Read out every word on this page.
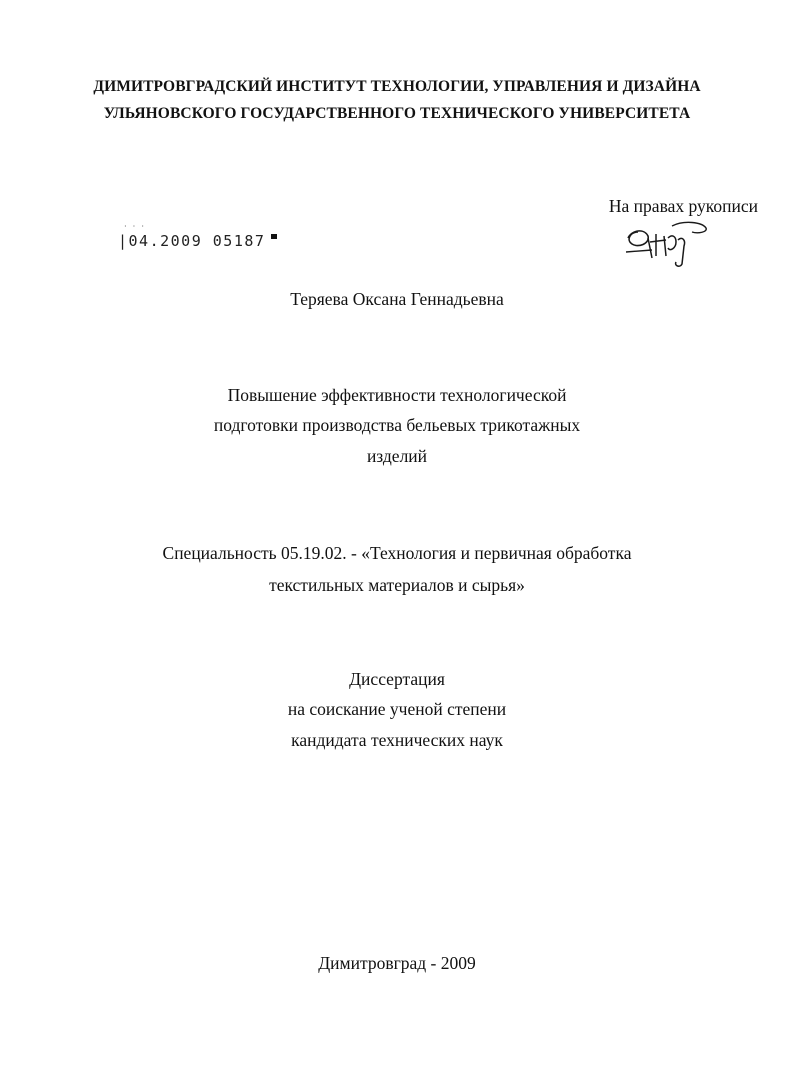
ДИМИТРОВГРАДСКИЙ ИНСТИТУТ ТЕХНОЛОГИИ, УПРАВЛЕНИЯ И ДИЗАЙНА
УЛЬЯНОВСКОГО ГОСУДАРСТВЕННОГО ТЕХНИЧЕСКОГО УНИВЕРСИТЕТА
На правах рукописи
· · ·
|04.2009 05187
Теряева Оксана Геннадьевна
Повышение эффективности технологической
подготовки производства бельевых трикотажных
изделий
Специальность 05.19.02. - «Технология и первичная обработка
текстильных материалов и сырья»
Диссертация
на соискание ученой степени
кандидата технических наук
Димитровград - 2009
